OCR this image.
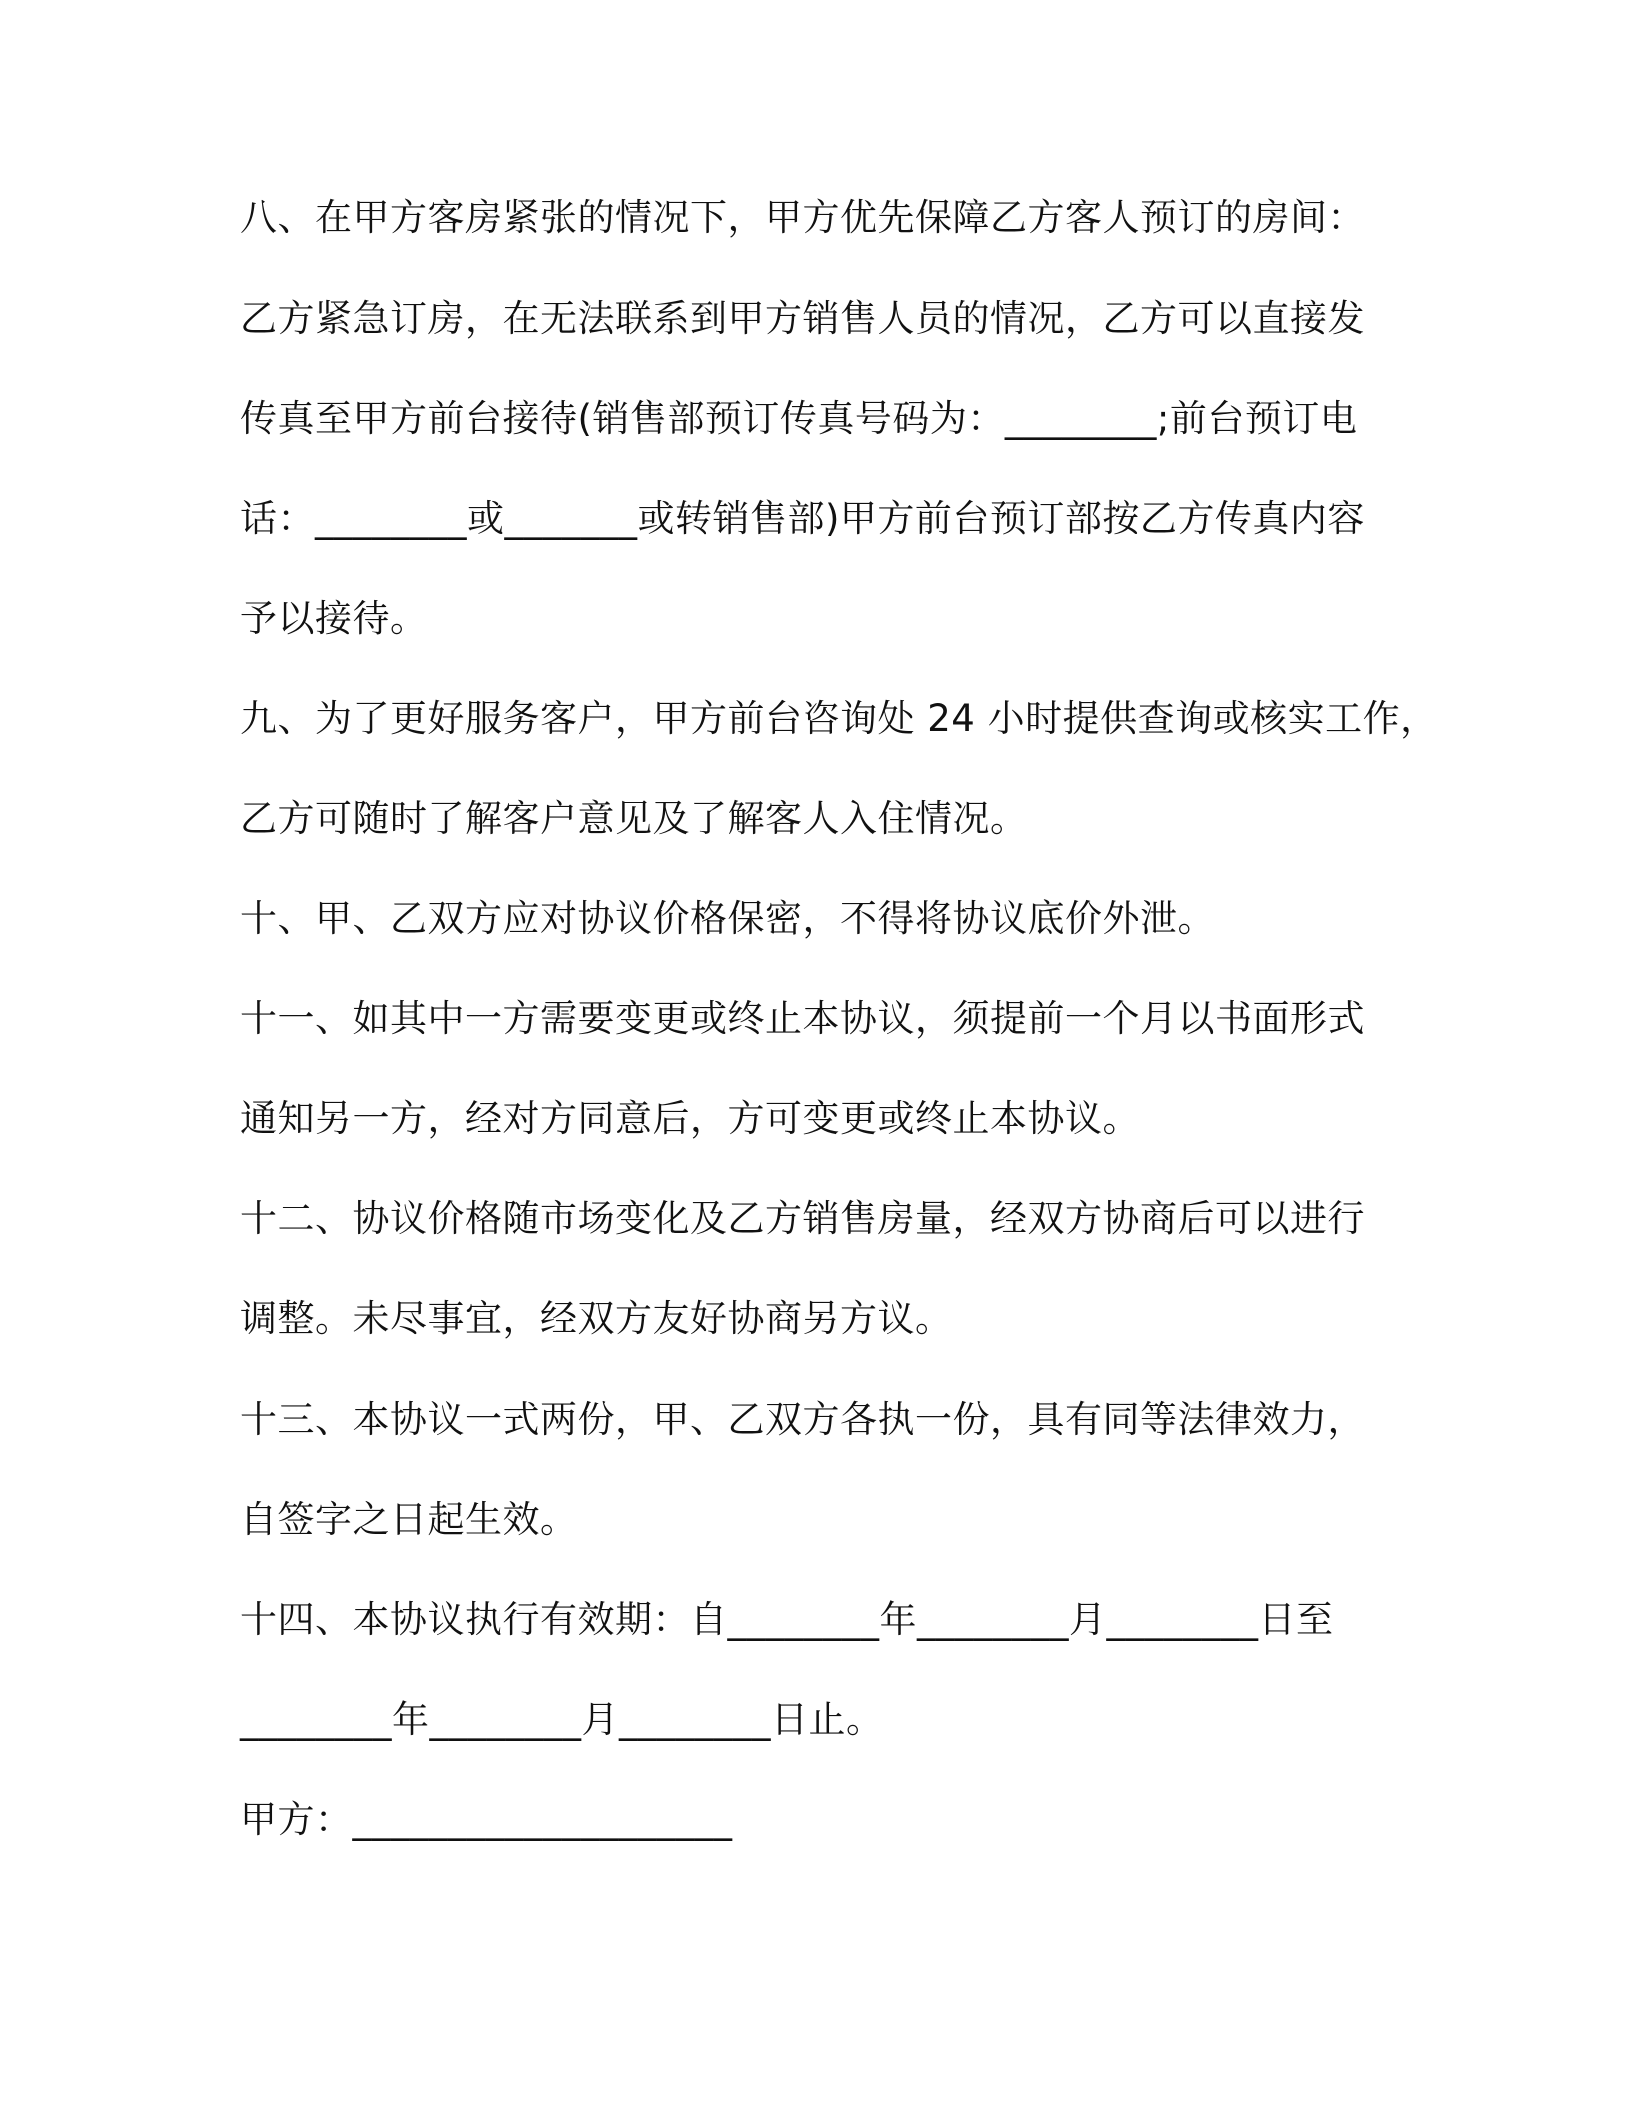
八、在甲方客房紧张的情况下，甲方优先保障乙方客人预订的房间：
乙方紧急订房，在无法联系到甲方销售人员的情况，乙方可以直接发
传真至甲方前台接待(销售部预订传真号码为：________;前台预订电
话：________或_______或转销售部)甲方前台预订部按乙方传真内容
予以接待。
九、为了更好服务客户，甲方前台咨询处 24 小时提供查询或核实工作，
乙方可随时了解客户意见及了解客人入住情况。
十、甲、乙双方应对协议价格保密，不得将协议底价外泄。
十一、如其中一方需要变更或终止本协议，须提前一个月以书面形式
通知另一方，经对方同意后，方可变更或终止本协议。
十二、协议价格随市场变化及乙方销售房量，经双方协商后可以进行
调整。未尽事宜，经双方友好协商另方议。
十三、本协议一式两份，甲、乙双方各执一份，具有同等法律效力，
自签字之日起生效。
十四、本协议执行有效期：自________年________月________日至
________年________月________日止。
甲方：____________________
